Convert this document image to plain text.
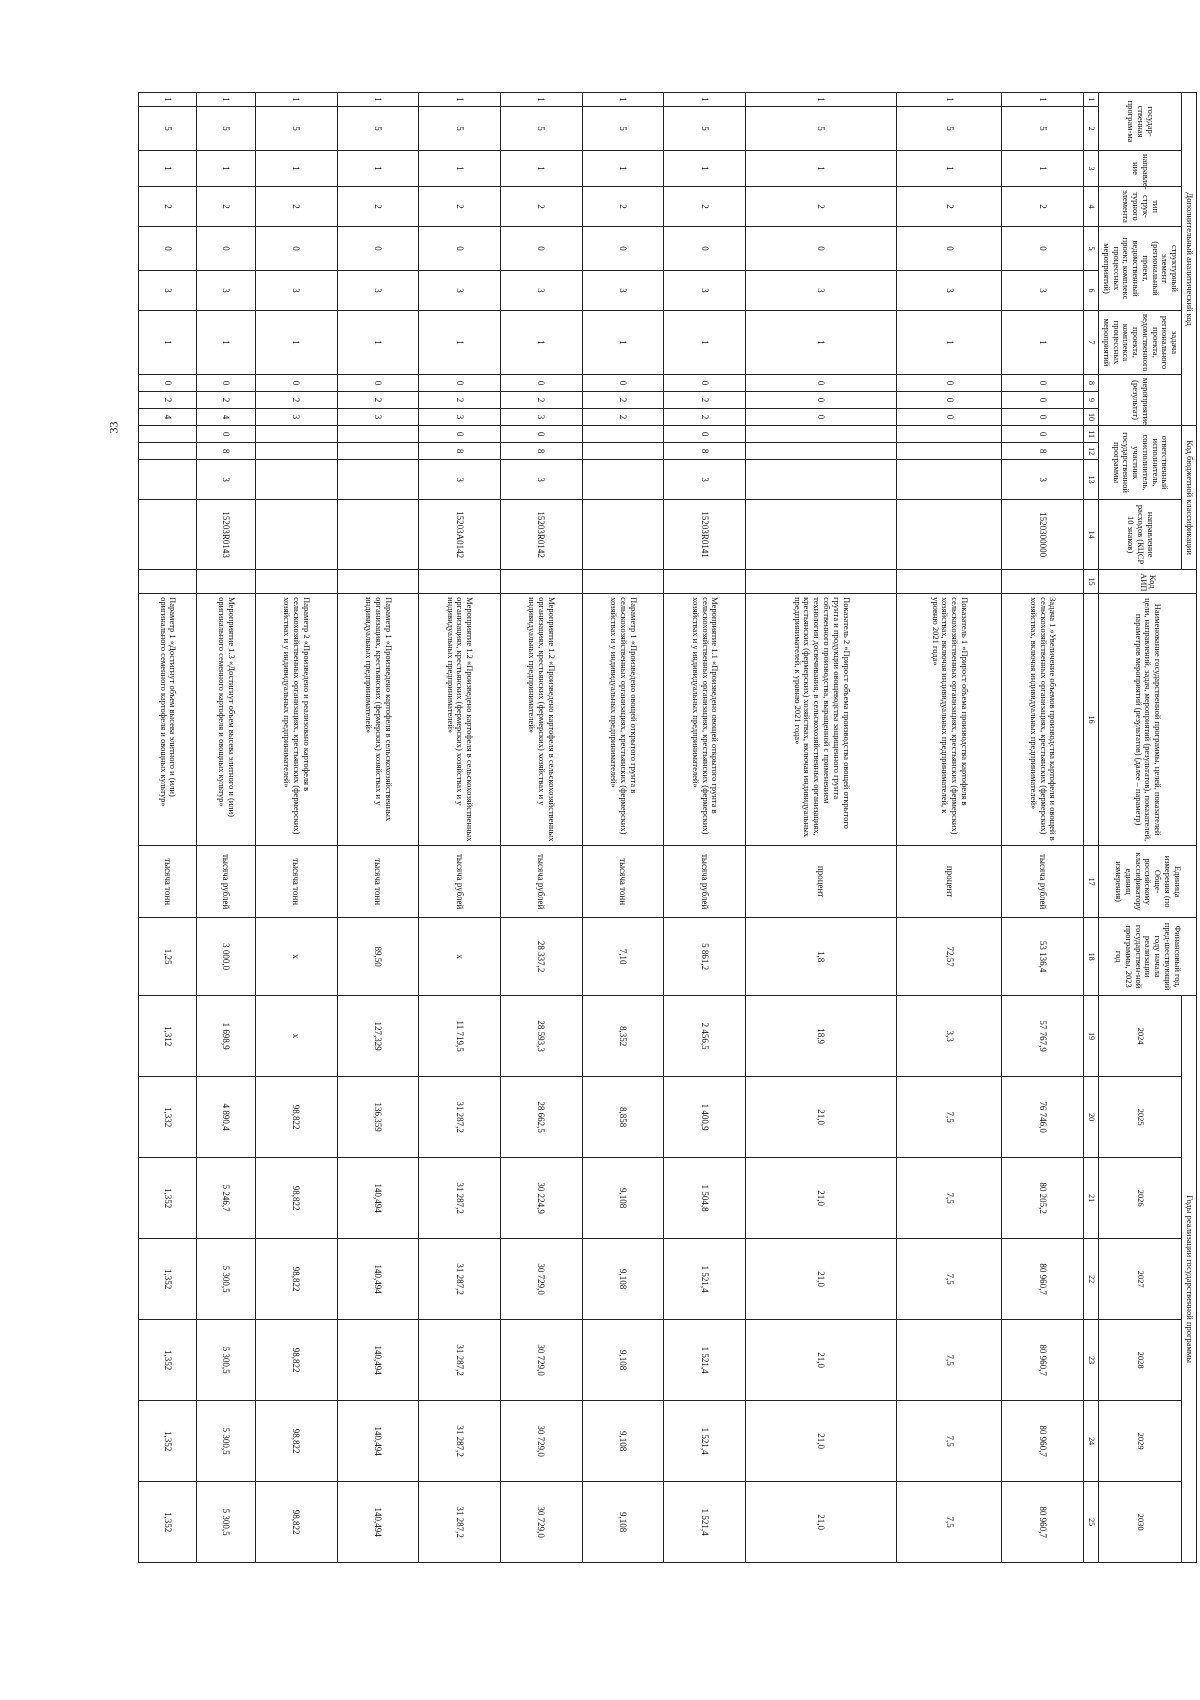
33
Дополнительный аналитический код										Код бюджетной классификации				Код АИП	Наименование государственной программы, целей, показателей цели, направлений, задач, мероприятий (результатов), показателей, параметров мероприятий (результатов) (далее – параметр)	Единица измерения (по Обще-российскому классификатору единиц измерения)	Финансовый год, пред-шествующий году начала реализации государствен-ной программы, 2023 год	Годы реализации государственной программы						
государ-ственная програм-ма		направле-ние	тип струк-турного элемента	структурный элемент (региональный проект, ведомственный проект, комплекс процессных мероприятий)		задача регионального проекта, ведомственного проекта, комплекса процессных мероприятий	мероприятие (результат)			ответственный исполнитель, соисполнитель, участник государственной программы			направление расходов (КЦСР 10 знаков)					2024	2025	2026	2027	2028	2029	2030

1	2	3	4	5	6	7	8	9	10	11	12	13	14	15	16	17	18	19	20	21	22	23	24	25
1	5	1	2	0	3	1	0	0	0	0	8	3	1520300000		Задача 1 «Увеличение объемов производства картофеля и овощей в сельскохозяйственных организациях, крестьянских (фермерских) хозяйствах, включая индивидуальных предпринимателей»	тысяча рублей	53 136,4	57 767,9	76 746,0	80 205,2	80 960,7	80 960,7	80 960,7	80 960,7
1	5	1	2	0	3	1	0	0	0						Показатель 1 «Прирост объема производства картофеля в сельскохозяйственных организациях, крестьянских (фермерских) хозяйствах, включая индивидуальных предпринимателей, к уровню 2021 года»	процент	72,57	3,3	7,5	7,5	7,5	7,5	7,5	7,5
1	5	1	2	0	3	1	0	0	0						Показатель 2 «Прирост объема производства овощей открытого грунта и продукции овощеводства защищенного грунта собственного производства, выращенной с применением технологии досвечивания, в сельскохозяйственных организациях, крестьянских (фермерских) хозяйствах, включая индивидуальных предпринимателей, к уровню 2021 года»	процент	1,8	18,9	21,0	21,0	21,0	21,0	21,0	21,0
1	5	1	2	0	3	1	0	2	2	0	8	3	15203R0141		Мероприятие 1.1 «Произведено овощей открытого грунта в сельскохозяйственных организациях, крестьянских (фермерских) хозяйствах и у индивидуальных предпринимателей»	тысяча рублей	5 861,2	2 456,5	1 400,9	1 504,8	1 521,4	1 521,4	1 521,4	1 521,4
1	5	1	2	0	3	1	0	2	2						Параметр 1 «Произведено овощей открытого грунта в сельскохозяйственных организациях, крестьянских (фермерских) хозяйствах и у индивидуальных предпринимателей»	тысяча тонн	7,10	8,352	8,858	9,108	9,108	9,108	9,108	9,108
1	5	1	2	0	3	1	0	2	3	0	8	3	15203R0142		Мероприятие 1.2 «Произведено картофеля в сельскохозяйственных организациях, крестьянских (фермерских) хозяйствах и у индивидуальных предпринимателей»	тысяча рублей	28 337,2	28 593,3	28 662,5	30 224,9	30 729,0	30 729,0	30 729,0	30 729,0
1	5	1	2	0	3	1	0	2	3	0	8	3	15203A0142		Мероприятие 1.2 «Произведено картофеля в сельскохозяйственных организациях, крестьянских (фермерских) хозяйствах и у индивидуальных предпринимателей»	тысяча рублей	х	11 719,5	31 287,2	31 287,2	31 287,2	31 287,2	31 287,2	31 287,2
1	5	1	2	0	3	1	0	2	3						Параметр 1 «Произведено картофеля в сельскохозяйственных организациях, крестьянских (фермерских) хозяйствах и у индивидуальных предпринимателей»	тысяча тонн	89,50	127,329	136,359	140,494	140,494	140,494	140,494	140,494
1	5	1	2	0	3	1	0	2	3						Параметр 2 «Произведено и реализовано картофеля в сельскохозяйственных организациях, крестьянских (фермерских) хозяйствах и у индивидуальных предпринимателей»	тысяча тонн	х	х	98,822	98,822	98,822	98,822	98,822	98,822
1	5	1	2	0	3	1	0	2	4	0	8	3	15203R0143		Мероприятие 1.3 «Достигнут объем высева элитного и (или) оригинального семенного картофеля и овощных культур»	тысяча рублей	3 000,0	1 698,9	4 890,4	5 246,7	5 300,5	5 300,5	5 300,5	5 300,5
1	5	1	2	0	3	1	0	2	4						Параметр 1 «Достигнут объем высева элитного и (или) оригинального семенного картофеля и овощных культур»	тысяча тонн	1,25	1,312	1,332	1,352	1,352	1,352	1,352	1,352
